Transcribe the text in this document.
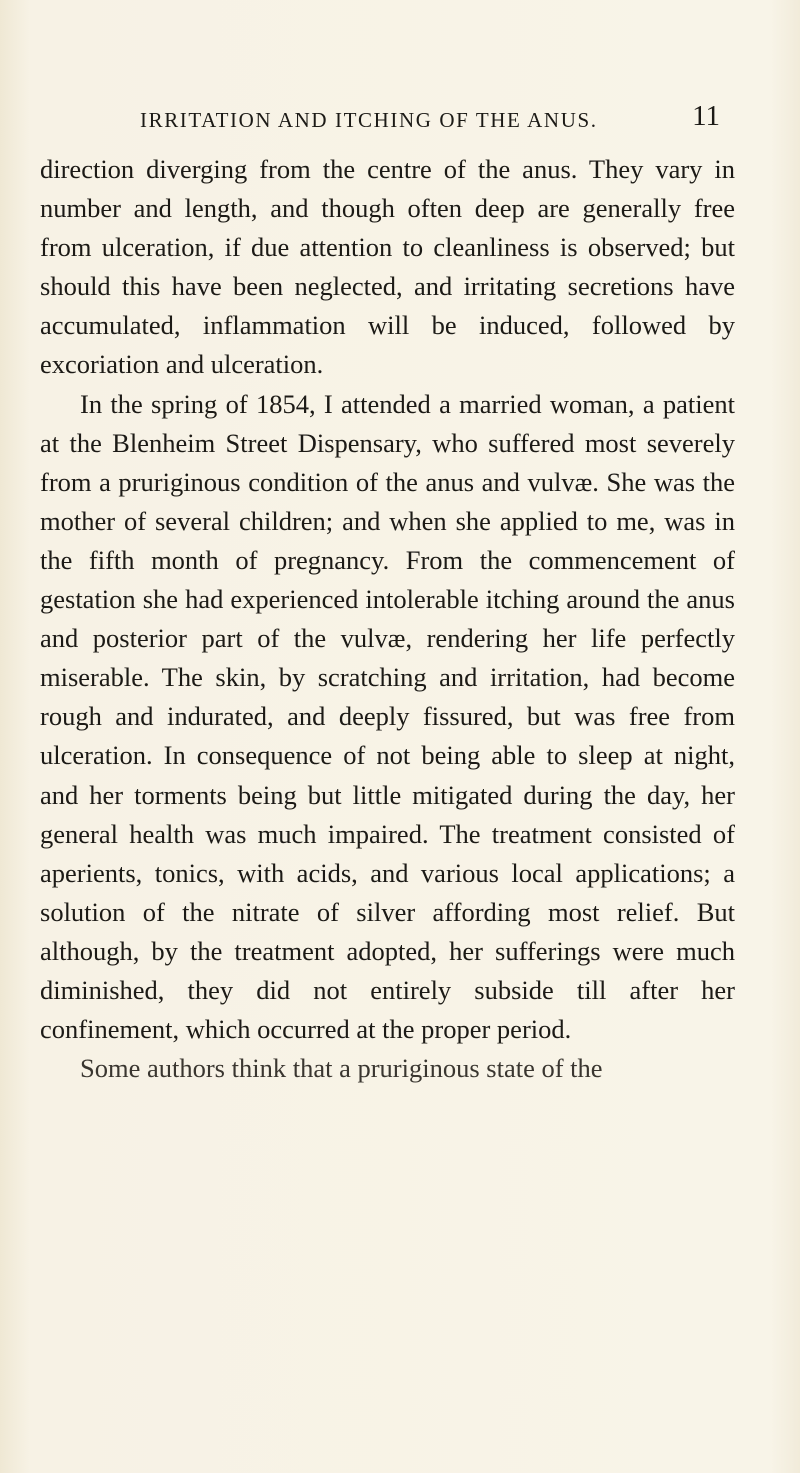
IRRITATION AND ITCHING OF THE ANUS.	11

direction diverging from the centre of the anus. They vary in number and length, and though often deep are generally free from ulceration, if due attention to cleanliness is observed; but should this have been neglected, and irritating secretions have accumulated, inflammation will be induced, followed by excoriation and ulceration.

In the spring of 1854, I attended a married woman, a patient at the Blenheim Street Dispensary, who suffered most severely from a pruriginous condition of the anus and vulvæ. She was the mother of several children; and when she applied to me, was in the fifth month of pregnancy. From the commencement of gestation she had experienced intolerable itching around the anus and posterior part of the vulvæ, rendering her life perfectly miserable. The skin, by scratching and irritation, had become rough and indurated, and deeply fissured, but was free from ulceration. In consequence of not being able to sleep at night, and her torments being but little mitigated during the day, her general health was much impaired. The treatment consisted of aperients, tonics, with acids, and various local applications; a solution of the nitrate of silver affording most relief. But although, by the treatment adopted, her sufferings were much diminished, they did not entirely subside till after her confinement, which occurred at the proper period.

Some authors think that a pruriginous state of the
